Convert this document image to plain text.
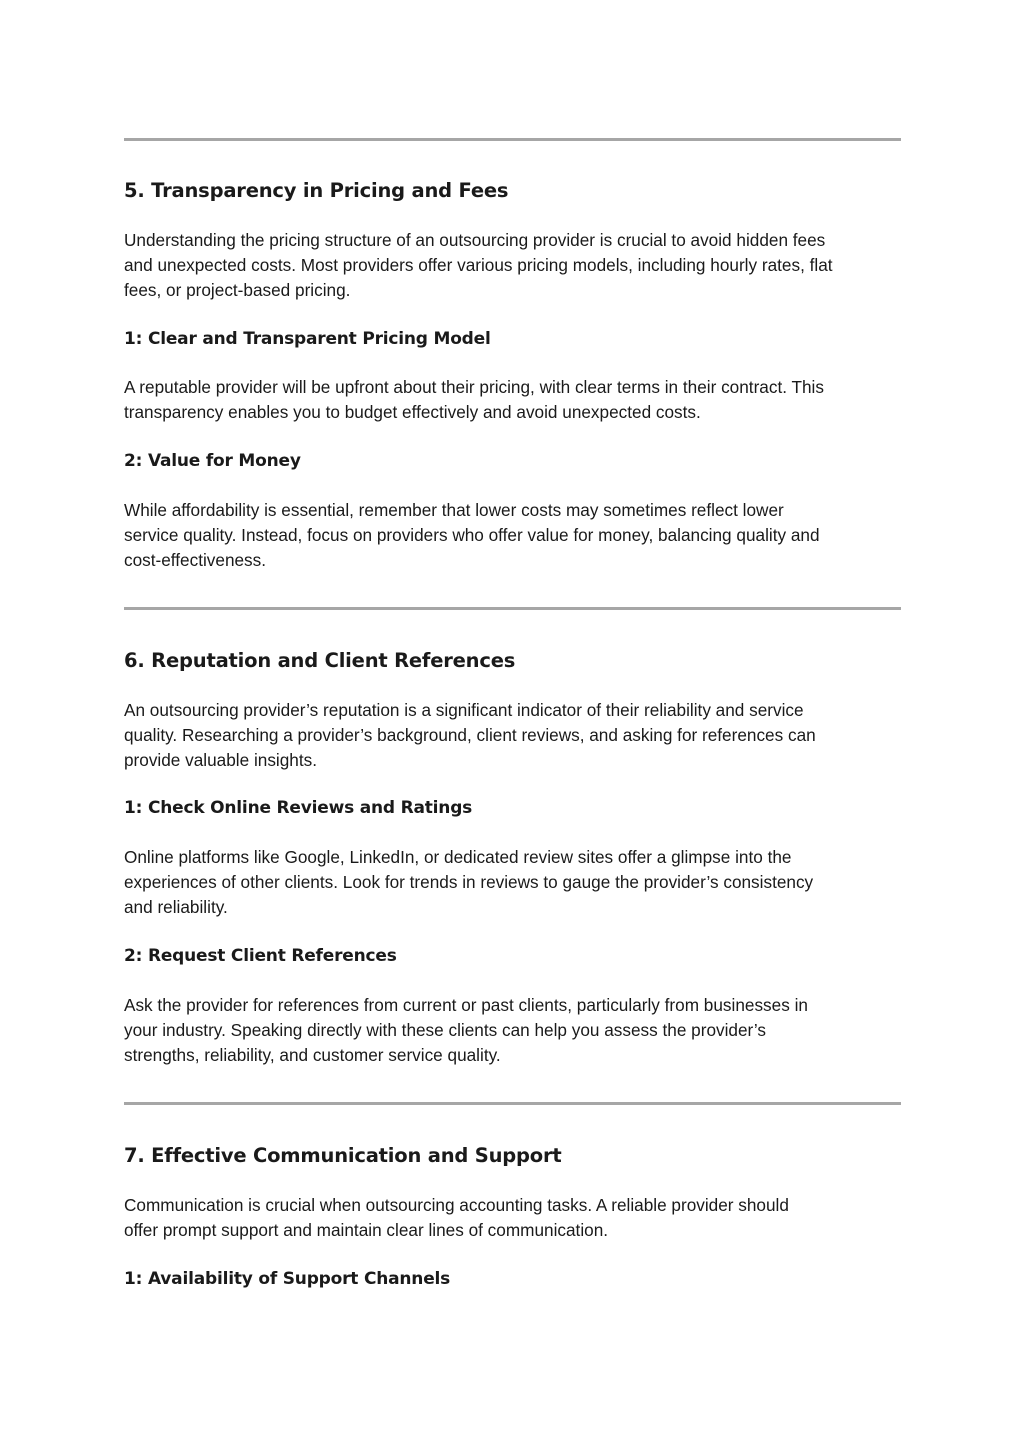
5. Transparency in Pricing and Fees
Understanding the pricing structure of an outsourcing provider is crucial to avoid hidden fees
and unexpected costs. Most providers offer various pricing models, including hourly rates, flat
fees, or project-based pricing.
1: Clear and Transparent Pricing Model
A reputable provider will be upfront about their pricing, with clear terms in their contract. This
transparency enables you to budget effectively and avoid unexpected costs.
2: Value for Money
While affordability is essential, remember that lower costs may sometimes reflect lower
service quality. Instead, focus on providers who offer value for money, balancing quality and
cost-effectiveness.
6. Reputation and Client References
An outsourcing provider’s reputation is a significant indicator of their reliability and service
quality. Researching a provider’s background, client reviews, and asking for references can
provide valuable insights.
1: Check Online Reviews and Ratings
Online platforms like Google, LinkedIn, or dedicated review sites offer a glimpse into the
experiences of other clients. Look for trends in reviews to gauge the provider’s consistency
and reliability.
2: Request Client References
Ask the provider for references from current or past clients, particularly from businesses in
your industry. Speaking directly with these clients can help you assess the provider’s
strengths, reliability, and customer service quality.
7. Effective Communication and Support
Communication is crucial when outsourcing accounting tasks. A reliable provider should
offer prompt support and maintain clear lines of communication.
1: Availability of Support Channels
